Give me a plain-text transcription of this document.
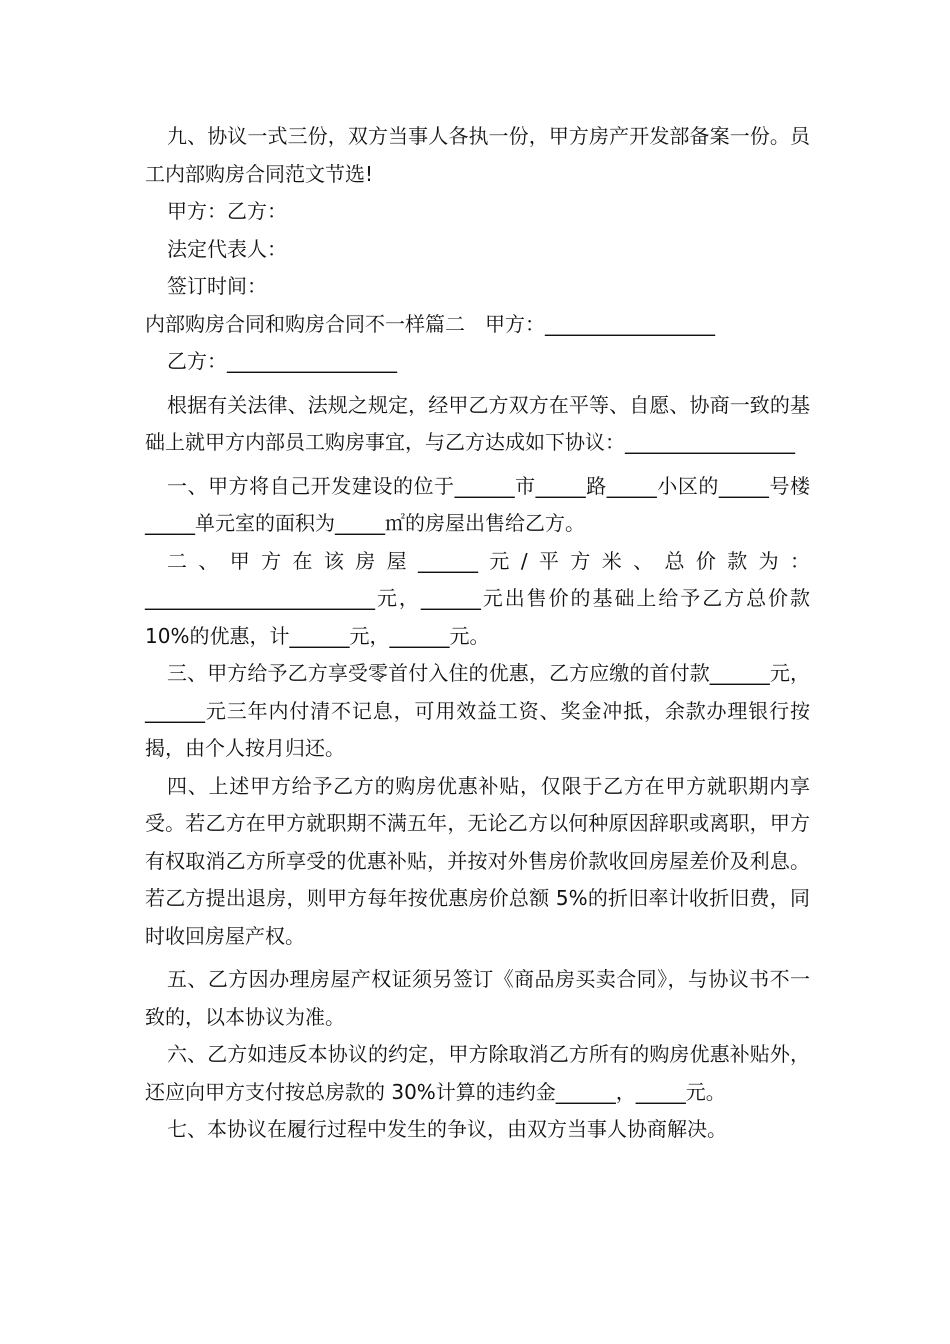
九、协议一式三份，双方当事人各执一份，甲方房产开发部备案一份。员工内部购房合同范文节选!

甲方：乙方：

法定代表人：

签订时间：

内部购房合同和购房合同不一样篇二　甲方：_________________

乙方：_________________

根据有关法律、法规之规定，经甲乙方双方在平等、自愿、协商一致的基础上就甲方内部员工购房事宜，与乙方达成如下协议：_________________

一、甲方将自己开发建设的位于______市_____路_____小区的_____号楼_____单元室的面积为_____㎡的房屋出售给乙方。

二、甲方在该房屋______元/平方米、总价款为：_______________________元，______元出售价的基础上给予乙方总价款 10%的优惠，计______元，______元。

三、甲方给予乙方享受零首付入住的优惠，乙方应缴的首付款______元，______元三年内付清不记息，可用效益工资、奖金冲抵，余款办理银行按揭，由个人按月归还。

四、上述甲方给予乙方的购房优惠补贴，仅限于乙方在甲方就职期内享受。若乙方在甲方就职期不满五年，无论乙方以何种原因辞职或离职，甲方有权取消乙方所享受的优惠补贴，并按对外售房价款收回房屋差价及利息。若乙方提出退房，则甲方每年按优惠房价总额 5%的折旧率计收折旧费，同时收回房屋产权。

五、乙方因办理房屋产权证须另签订《商品房买卖合同》，与协议书不一致的，以本协议为准。

六、乙方如违反本协议的约定，甲方除取消乙方所有的购房优惠补贴外，还应向甲方支付按总房款的 30%计算的违约金______，_____元。

七、本协议在履行过程中发生的争议，由双方当事人协商解决。
